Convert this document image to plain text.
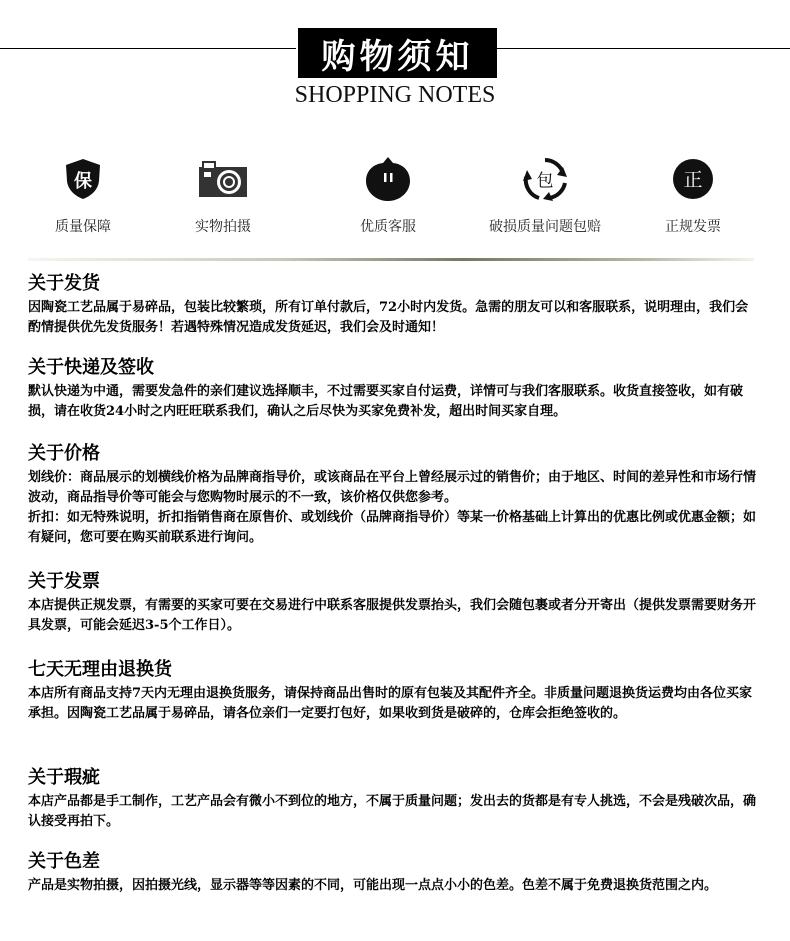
购物须知
SHOPPING NOTES
保
质量保障	实物拍摄	优质客服
包
破损质量问题包赔
正
正规发票
关于发货

因陶瓷工艺品属于易碎品，包装比较繁琐，所有订单付款后，72小时内发货。急需的朋友可以和客服联系，说明理由，我们会酌情提供优先发货服务！若遇特殊情况造成发货延迟，我们会及时通知！

关于快递及签收

默认快递为中通，需要发急件的亲们建议选择顺丰，不过需要买家自付运费，详情可与我们客服联系。收货直接签收，如有破损，请在收货24小时之内旺旺联系我们，确认之后尽快为买家免费补发，超出时间买家自理。

关于价格

划线价：商品展示的划横线价格为品牌商指导价，或该商品在平台上曾经展示过的销售价；由于地区、时间的差异性和市场行情波动，商品指导价等可能会与您购物时展示的不一致，该价格仅供您参考。

折扣：如无特殊说明，折扣指销售商在原售价、或划线价（品牌商指导价）等某一价格基础上计算出的优惠比例或优惠金额；如有疑问，您可要在购买前联系进行询问。

关于发票

本店提供正规发票，有需要的买家可要在交易进行中联系客服提供发票抬头，我们会随包裹或者分开寄出（提供发票需要财务开具发票，可能会延迟3-5个工作日）。

七天无理由退换货

本店所有商品支持7天内无理由退换货服务，请保持商品出售时的原有包装及其配件齐全。非质量问题退换货运费均由各位买家承担。因陶瓷工艺品属于易碎品，请各位亲们一定要打包好，如果收到货是破碎的，仓库会拒绝签收的。

关于瑕疵

本店产品都是手工制作，工艺产品会有微小不到位的地方，不属于质量问题；发出去的货都是有专人挑选，不会是残破次品，确认接受再拍下。

关于色差

产品是实物拍摄，因拍摄光线，显示器等等因素的不同，可能出现一点点小小的色差。色差不属于免费退换货范围之内。
